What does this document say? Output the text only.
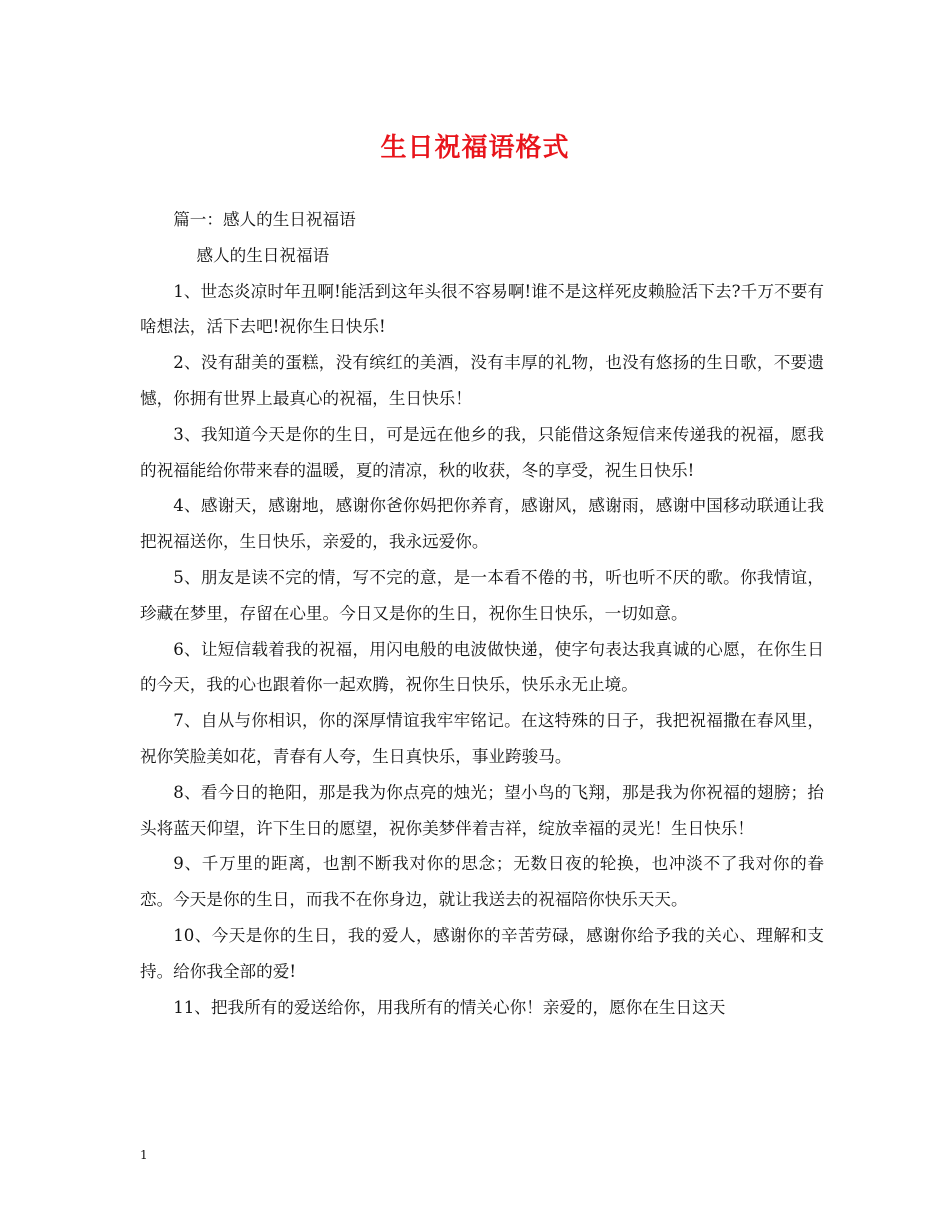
生日祝福语格式

篇一：感人的生日祝福语

感人的生日祝福语

1、世态炎凉时年丑啊!能活到这年头很不容易啊!谁不是这样死皮赖脸活下去?千万不要有啥想法，活下去吧!祝你生日快乐!

2、没有甜美的蛋糕，没有缤红的美酒，没有丰厚的礼物，也没有悠扬的生日歌，不要遗憾，你拥有世界上最真心的祝福，生日快乐！

3、我知道今天是你的生日，可是远在他乡的我，只能借这条短信来传递我的祝福，愿我的祝福能给你带来春的温暖，夏的清凉，秋的收获，冬的享受，祝生日快乐!

4、感谢天，感谢地，感谢你爸你妈把你养育，感谢风，感谢雨，感谢中国移动联通让我把祝福送你，生日快乐，亲爱的，我永远爱你。

5、朋友是读不完的情，写不完的意，是一本看不倦的书，听也听不厌的歌。你我情谊，珍藏在梦里，存留在心里。今日又是你的生日，祝你生日快乐，一切如意。

6、让短信载着我的祝福，用闪电般的电波做快递，使字句表达我真诚的心愿，在你生日的今天，我的心也跟着你一起欢腾，祝你生日快乐，快乐永无止境。

7、自从与你相识，你的深厚情谊我牢牢铭记。在这特殊的日子，我把祝福撒在春风里，祝你笑脸美如花，青春有人夸，生日真快乐，事业跨骏马。

8、看今日的艳阳，那是我为你点亮的烛光；望小鸟的飞翔，那是我为你祝福的翅膀；抬头将蓝天仰望，许下生日的愿望，祝你美梦伴着吉祥，绽放幸福的灵光！生日快乐！

9、千万里的距离，也割不断我对你的思念；无数日夜的轮换，也冲淡不了我对你的眷恋。今天是你的生日，而我不在你身边，就让我送去的祝福陪你快乐天天。

10、今天是你的生日，我的爱人，感谢你的辛苦劳碌，感谢你给予我的关心、理解和支持。给你我全部的爱!

11、把我所有的爱送给你，用我所有的情关心你！亲爱的，愿你在生日这天

1
